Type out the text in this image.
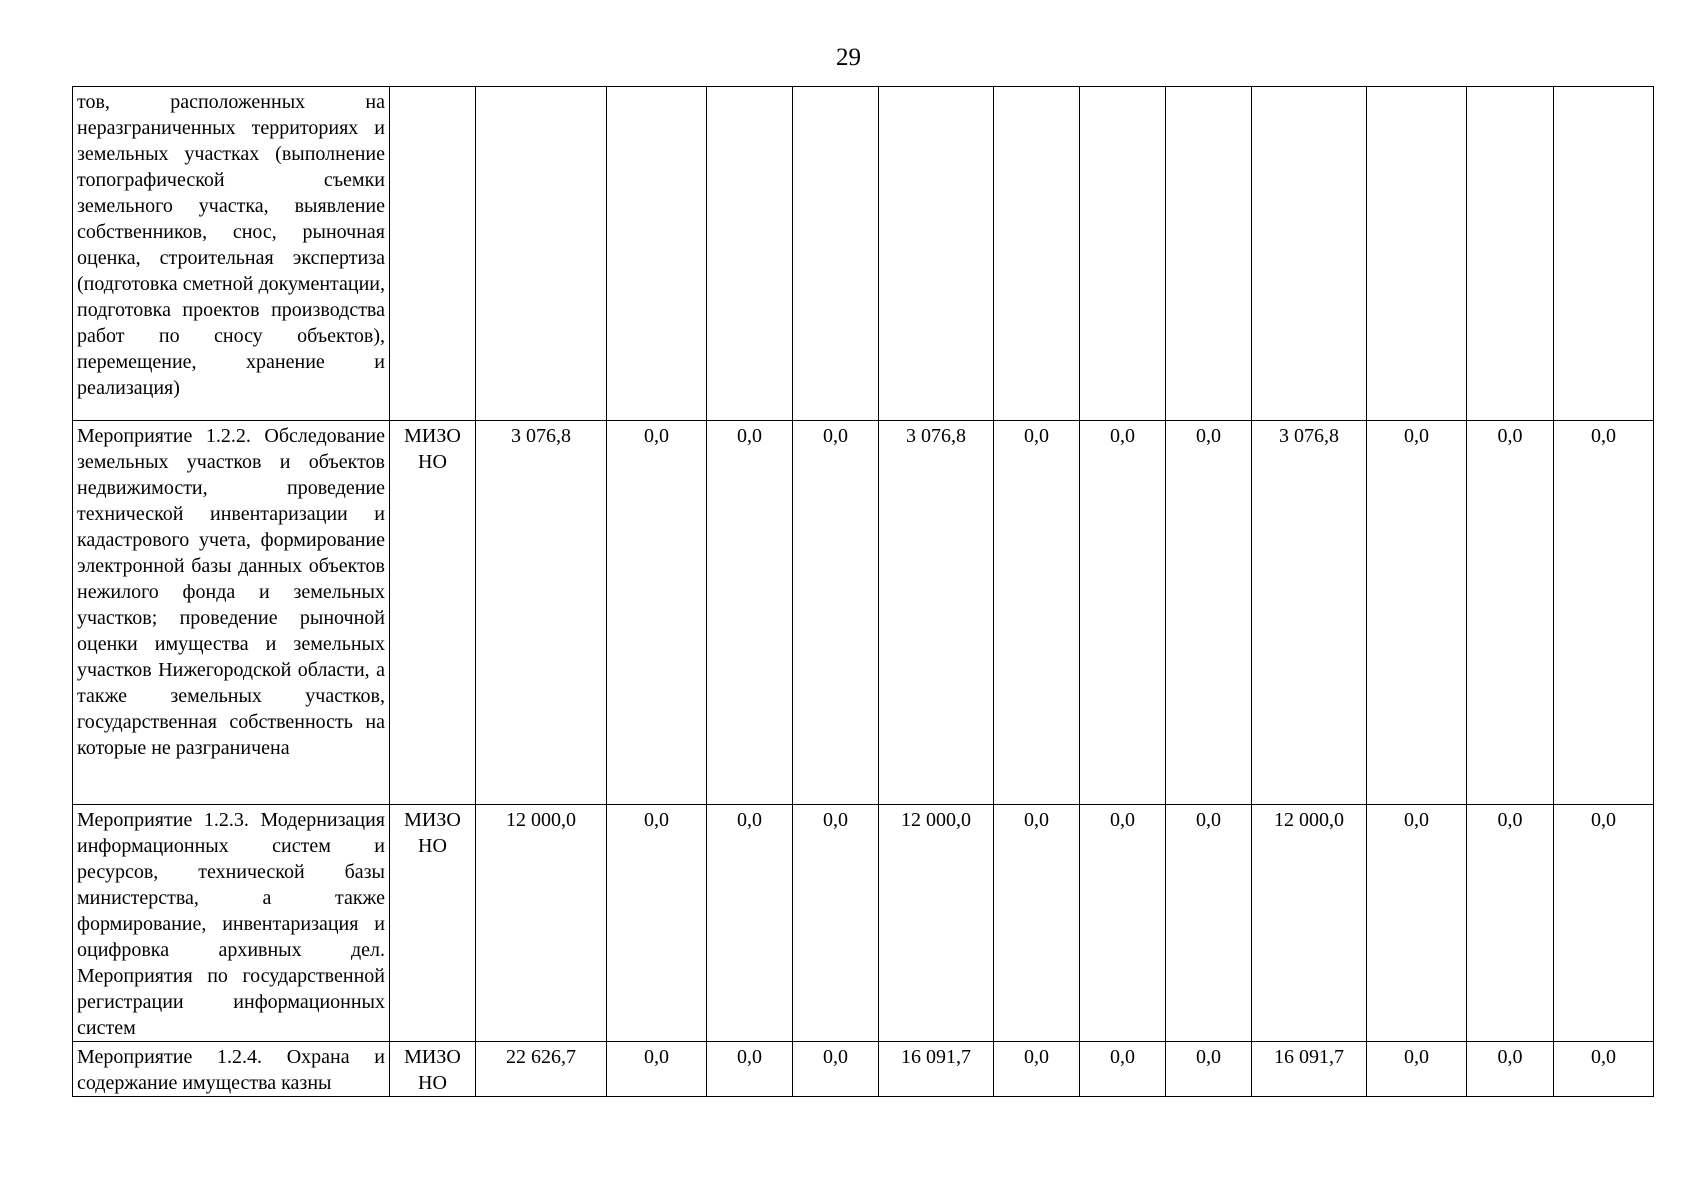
29
тов, расположенных на неразграниченных территориях и земельных участках (выполнение топографической съемки земельного участка, выявление собственников, снос, рыночная оценка, строительная экспертиза (подготовка сметной документации, подготовка проектов производства работ по сносу объектов), перемещение, хранение и реализация)													
Мероприятие 1.2.2. Обследование земельных участков и объектов недвижимости, проведение технической инвентаризации и кадастрового учета, формирование электронной базы данных объектов нежилого фонда и земельных участков; проведение рыночной оценки имущества и земельных участков Нижегородской области, а также земельных участков, государственная собственность на которые не разграничена	МИЗО НО	3 076,8	0,0	0,0	0,0	3 076,8	0,0	0,0	0,0	3 076,8	0,0	0,0	0,0
Мероприятие 1.2.3. Модернизация информационных систем и ресурсов, технической базы министерства, а также формирование, инвентаризация и оцифровка архивных дел. Мероприятия по государственной регистрации информационных систем	МИЗО НО	12 000,0	0,0	0,0	0,0	12 000,0	0,0	0,0	0,0	12 000,0	0,0	0,0	0,0
Мероприятие 1.2.4. Охрана и содержание имущества казны	МИЗО НО	22 626,7	0,0	0,0	0,0	16 091,7	0,0	0,0	0,0	16 091,7	0,0	0,0	0,0
